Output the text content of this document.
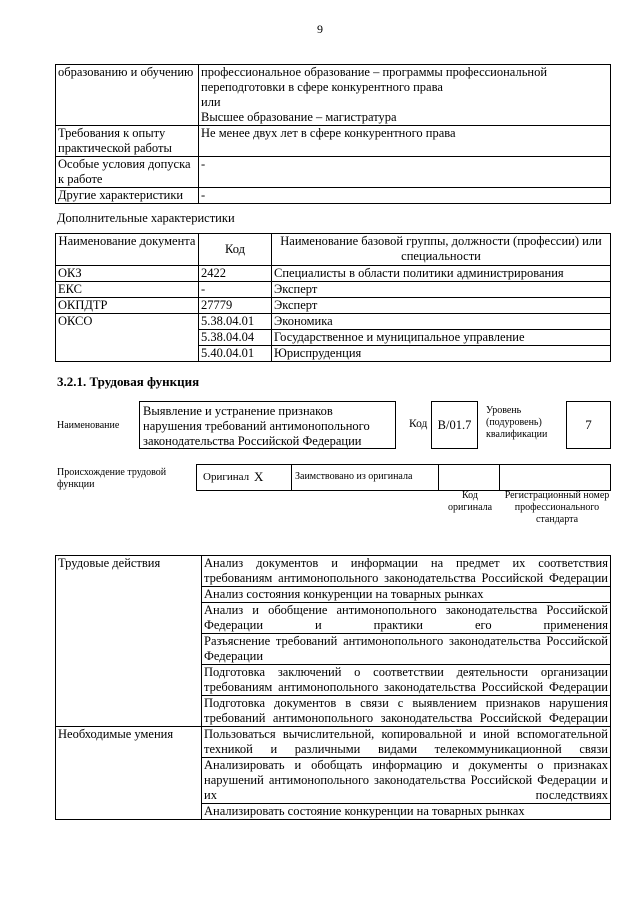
9
образованию и обучению	профессиональное образование – программы профессиональной переподготовки в сфере конкурентного права
или
Высшее образование – магистратура

Требования к опыту практической работы	Не менее двух лет в сфере конкурентного права
Особые условия допуска к работе	-
Другие характеристики	-
Дополнительные характеристики
Наименование документа	Код	Наименование базовой группы, должности (профессии) или специальности
ОКЗ	2422	Специалисты в области политики администрирования
ЕКС	-	Эксперт
ОКПДТР	27779	Эксперт
ОКСО	5.38.04.01	Экономика
	5.38.04.04	Государственное и муниципальное управление
	5.40.04.01	Юриспруденция
3.2.1. Трудовая функция
Наименование
Выявление и устранение признаков нарушения требований антимонопольного законодательства Российской Федерации
Код B/01.7
Уровень (подуровень) квалификации
7
Происхождение трудовой функции
Оригинал X	Заимствовано из оригинала
Код оригинала
Регистрационный номер профессионального стандарта
Трудовые действия	Анализ документов и информации на предмет их соответствия требованиям антимонопольного законодательства Российской Федерации
	Анализ состояния конкуренции на товарных рынках
	Анализ и обобщение антимонопольного законодательства Российской Федерации и практики его применения
	Разъяснение требований антимонопольного законодательства Российской Федерации
	Подготовка заключений о соответствии деятельности организации требованиям антимонопольного законодательства Российской Федерации
	Подготовка документов в связи с выявлением признаков нарушения требований антимонопольного законодательства Российской Федерации
Необходимые умения	Пользоваться вычислительной, копировальной и иной вспомогательной техникой и различными видами телекоммуникационной связи
	Анализировать и обобщать информацию и документы о признаках нарушений антимонопольного законодательства Российской Федерации и их последствиях
	Анализировать состояние конкуренции на товарных рынках
